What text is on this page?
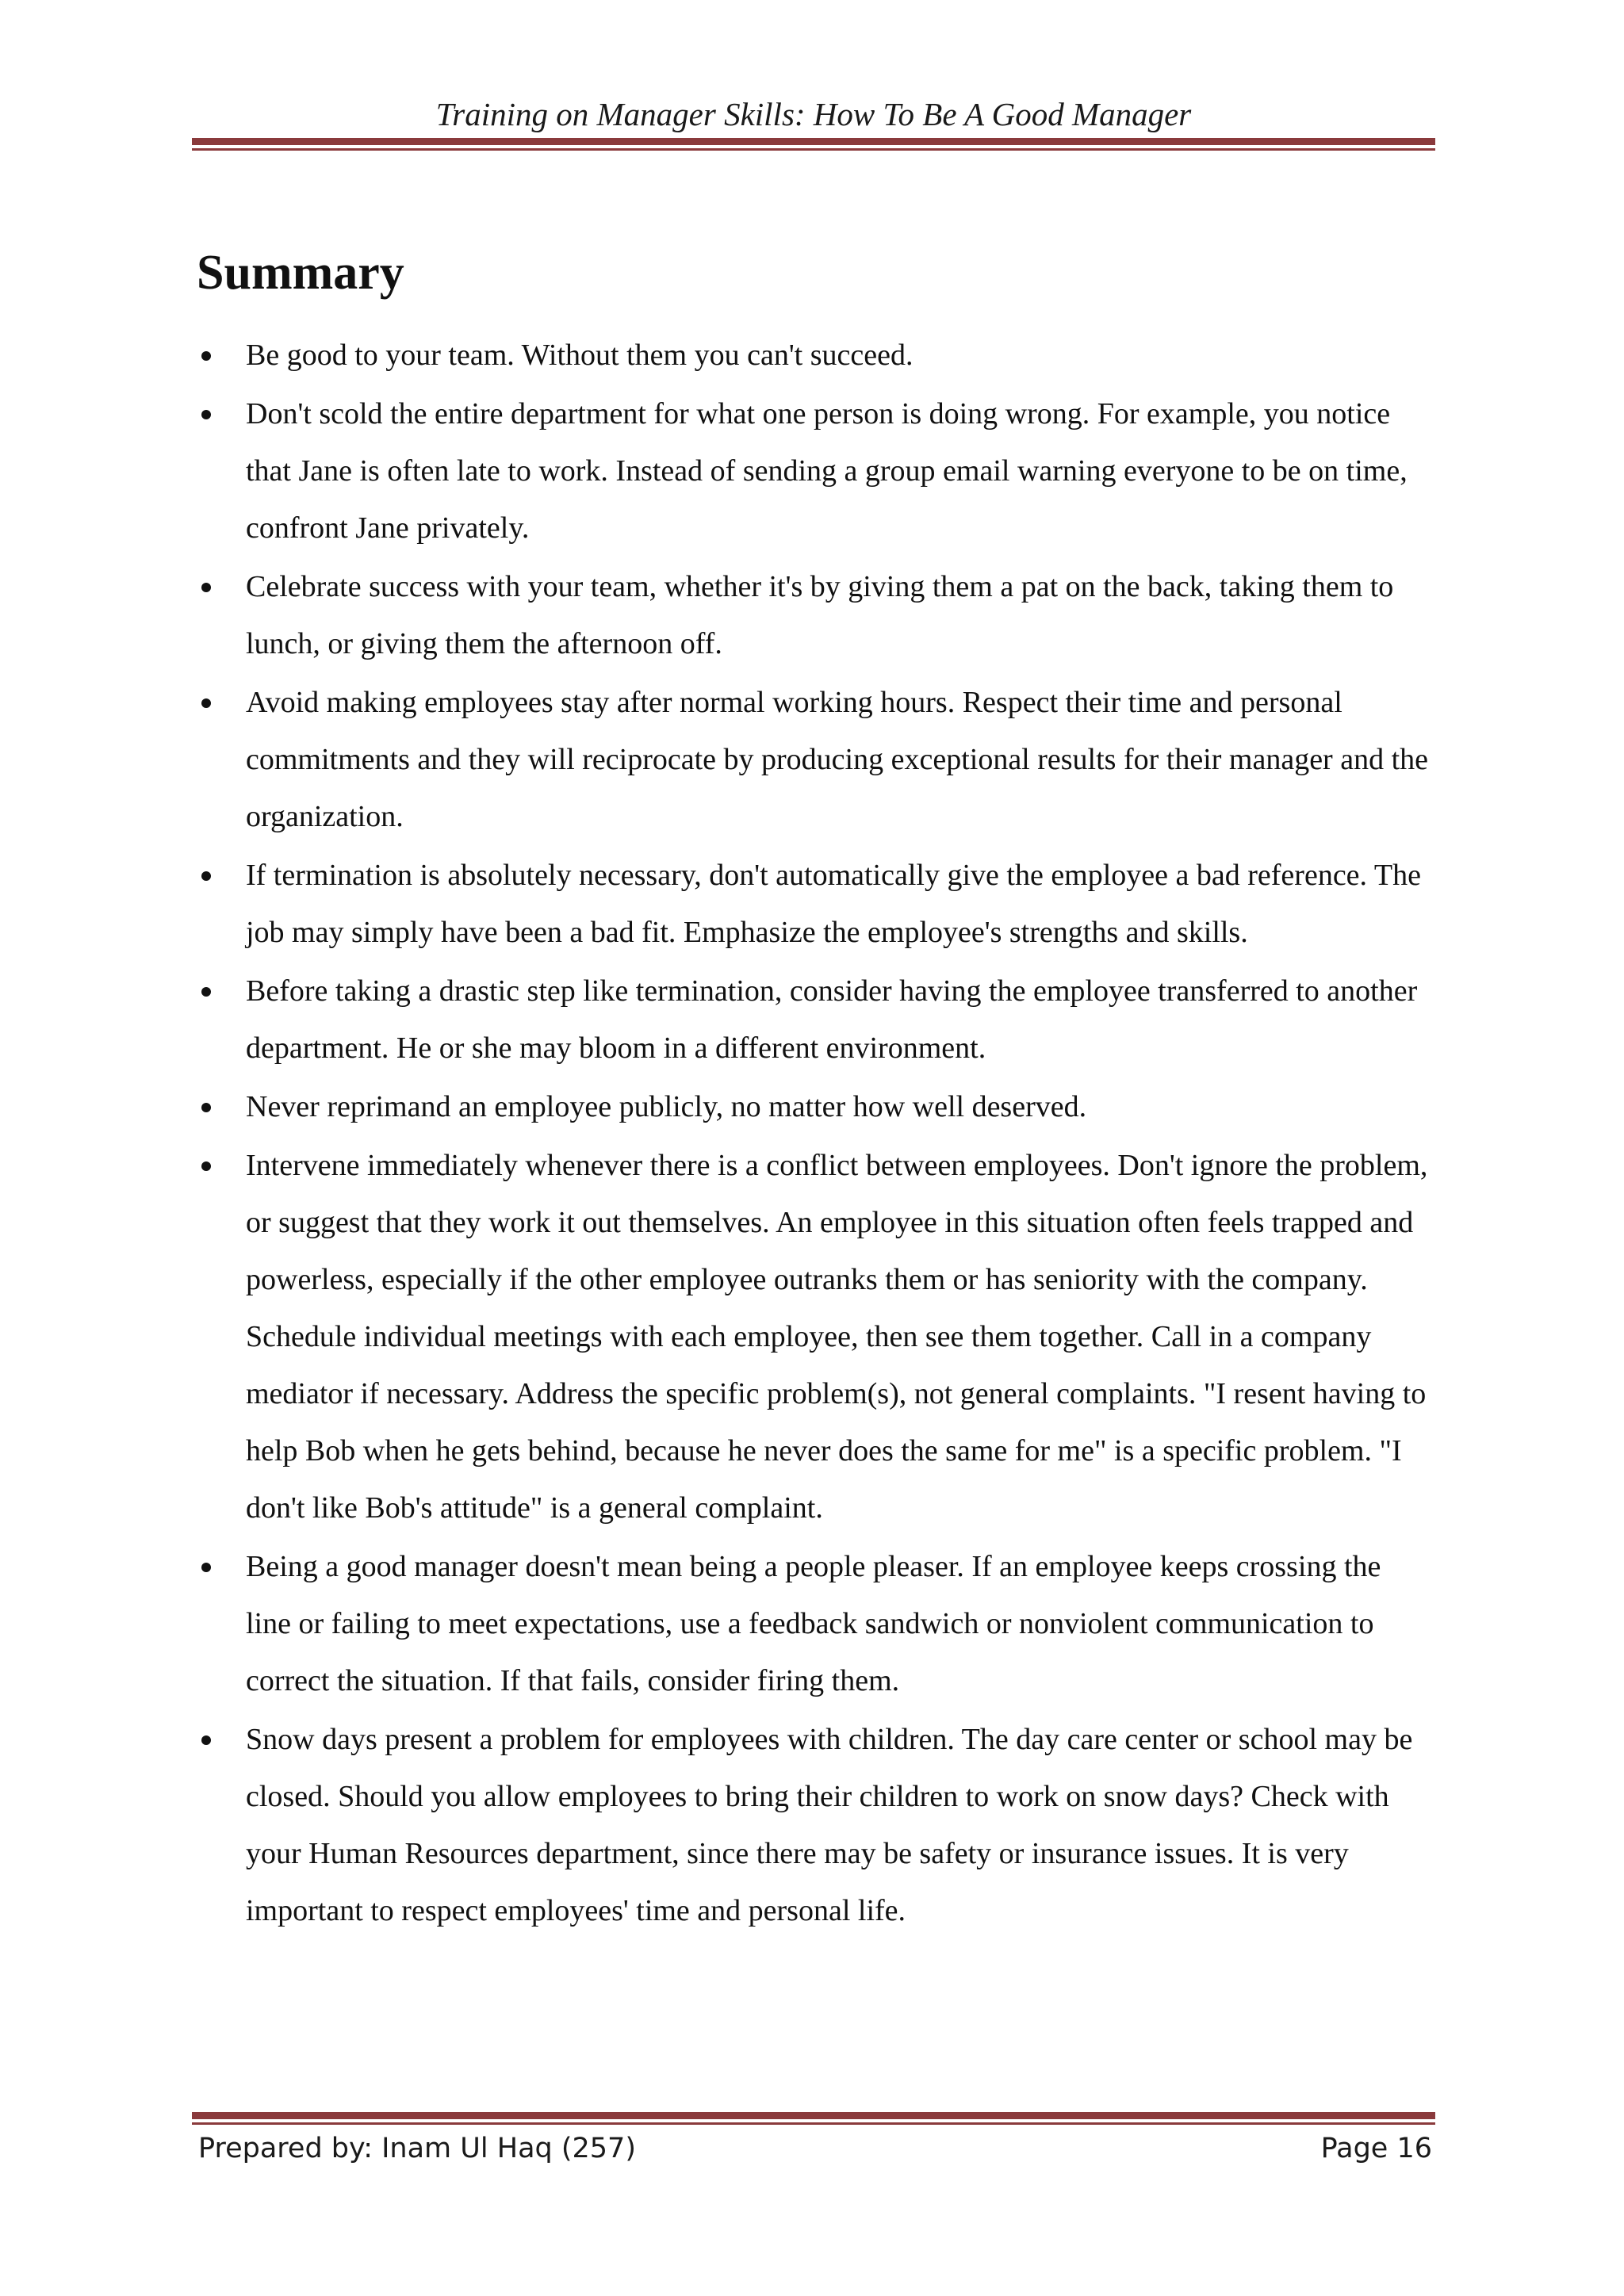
Training on Manager Skills: How To Be A Good Manager
Summary
Be good to your team. Without them you can't succeed.
Don't scold the entire department for what one person is doing wrong. For example, you notice that Jane is often late to work. Instead of sending a group email warning everyone to be on time, confront Jane privately.
Celebrate success with your team, whether it's by giving them a pat on the back, taking them to lunch, or giving them the afternoon off.
Avoid making employees stay after normal working hours. Respect their time and personal commitments and they will reciprocate by producing exceptional results for their manager and the organization.
If termination is absolutely necessary, don't automatically give the employee a bad reference. The job may simply have been a bad fit. Emphasize the employee's strengths and skills.
Before taking a drastic step like termination, consider having the employee transferred to another department. He or she may bloom in a different environment.
Never reprimand an employee publicly, no matter how well deserved.
Intervene immediately whenever there is a conflict between employees. Don't ignore the problem, or suggest that they work it out themselves. An employee in this situation often feels trapped and powerless, especially if the other employee outranks them or has seniority with the company. Schedule individual meetings with each employee, then see them together. Call in a company mediator if necessary. Address the specific problem(s), not general complaints. "I resent having to help Bob when he gets behind, because he never does the same for me" is a specific problem. "I don't like Bob's attitude" is a general complaint.
Being a good manager doesn't mean being a people pleaser. If an employee keeps crossing the line or failing to meet expectations, use a feedback sandwich or nonviolent communication to correct the situation. If that fails, consider firing them.
Snow days present a problem for employees with children. The day care center or school may be closed. Should you allow employees to bring their children to work on snow days? Check with your Human Resources department, since there may be safety or insurance issues. It is very important to respect employees' time and personal life.
Prepared by: Inam Ul Haq (257)	Page 16
